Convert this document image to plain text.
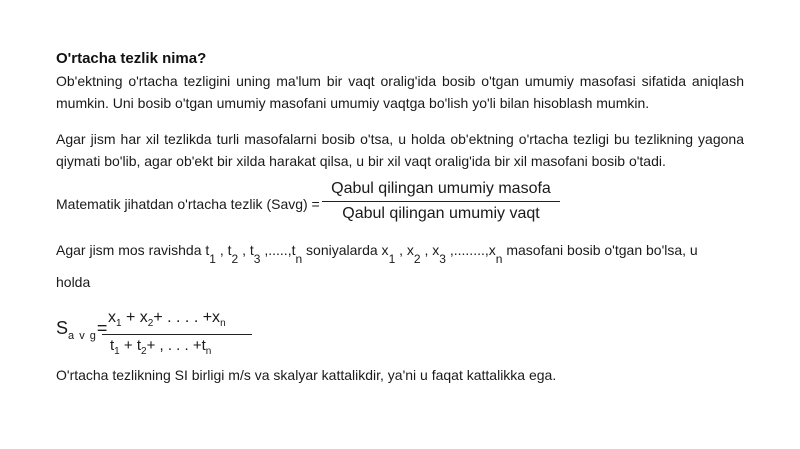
O'rtacha tezlik nima?
Ob'ektning o'rtacha tezligini uning ma'lum bir vaqt oralig'ida bosib o'tgan umumiy masofasi sifatida aniqlash mumkin. Uni bosib o'tgan umumiy masofani umumiy vaqtga bo'lish yo'li bilan hisoblash mumkin.
Agar jism har xil tezlikda turli masofalarni bosib o'tsa, u holda ob'ektning o'rtacha tezligi bu tezlikning yagona qiymati bo'lib, agar ob'ekt bir xilda harakat qilsa, u bir xil vaqt oralig'ida bir xil masofani bosib o'tadi.
Matematik jihatdan o'rtacha tezlik (Savg) =
Qabul qilingan umumiy masofa
Qabul qilingan umumiy vaqt
Agar jism mos ravishda t1 , t2 , t3 ,.....,tn soniyalarda x1 , x2 , x3 ,........,xn masofani bosib o'tgan bo'lsa, u
holda
$S_{a v g}=$
$\frac{x_1 + x_2+ . . . . +x_n}{t_1 + t_2+ , . . . +t_n}$
O'rtacha tezlikning SI birligi m/s va skalyar kattalikdir, ya'ni u faqat kattalikka ega.
